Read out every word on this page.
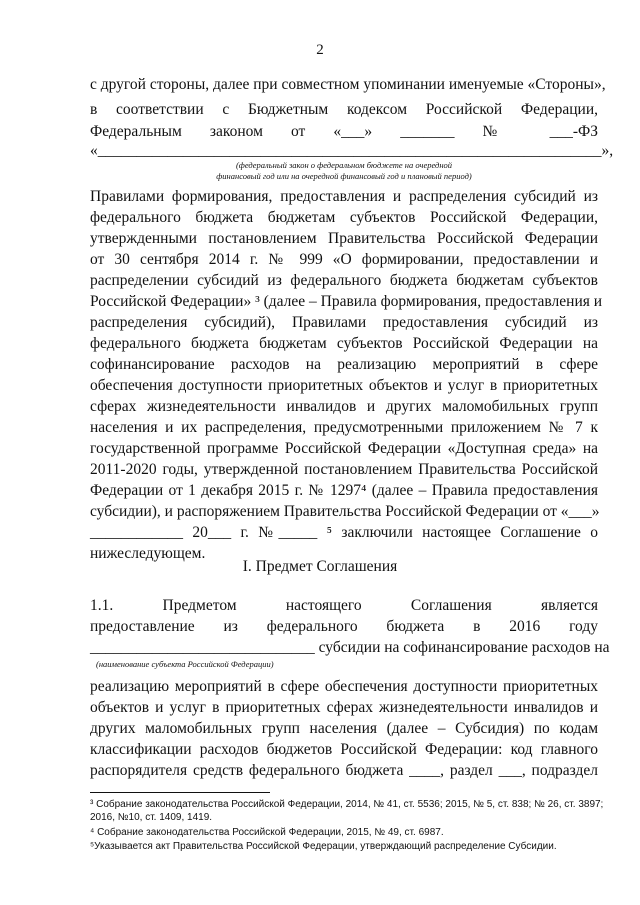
2
с другой стороны, далее при совместном упоминании именуемые «Стороны»,
в соответствии с Бюджетным кодексом Российской Федерации,
Федеральным законом от «___» _______ № ___-ФЗ
«_________________________________________________________________»,
(федеральный закон о федеральном бюджете на очередной
финансовый год или на очередной финансовый год и плановый период)
Правилами формирования, предоставления и распределения субсидий из
федерального бюджета бюджетам субъектов Российской Федерации,
утвержденными постановлением Правительства Российской Федерации
от 30 сентября 2014 г. № 999 «О формировании, предоставлении и
распределении субсидий из федерального бюджета бюджетам субъектов
Российской Федерации» ³ (далее – Правила формирования, предоставления и
распределения субсидий), Правилами предоставления субсидий из
федерального бюджета бюджетам субъектов Российской Федерации на
софинансирование расходов на реализацию мероприятий в сфере
обеспечения доступности приоритетных объектов и услуг в приоритетных
сферах жизнедеятельности инвалидов и других маломобильных групп
населения и их распределения, предусмотренными приложением № 7 к
государственной программе Российской Федерации «Доступная среда» на
2011-2020 годы, утвержденной постановлением Правительства Российской
Федерации от 1 декабря 2015 г. № 1297⁴ (далее – Правила предоставления
субсидии), и распоряжением Правительства Российской Федерации от «___»
____________ 20___ г. №_____ ⁵ заключили настоящее Соглашение о
нижеследующем.
I. Предмет Соглашения
1.1. Предметом настоящего Соглашения является
предоставление из федерального бюджета в 2016 году
_____________________________ субсидии на софинансирование расходов на
(наименование субъекта Российской Федерации)
реализацию мероприятий в сфере обеспечения доступности приоритетных
объектов и услуг в приоритетных сферах жизнедеятельности инвалидов и
других маломобильных групп населения (далее – Субсидия) по кодам
классификации расходов бюджетов Российской Федерации: код главного
распорядителя средств федерального бюджета ____, раздел ___, подраздел
³ Собрание законодательства Российской Федерации, 2014, № 41, ст. 5536; 2015, № 5, ст. 838; № 26, ст. 3897;
2016, №10, ст. 1409, 1419.
⁴ Собрание законодательства Российской Федерации, 2015, № 49, ст. 6987.
⁵Указывается акт Правительства Российской Федерации, утверждающий распределение Субсидии.
